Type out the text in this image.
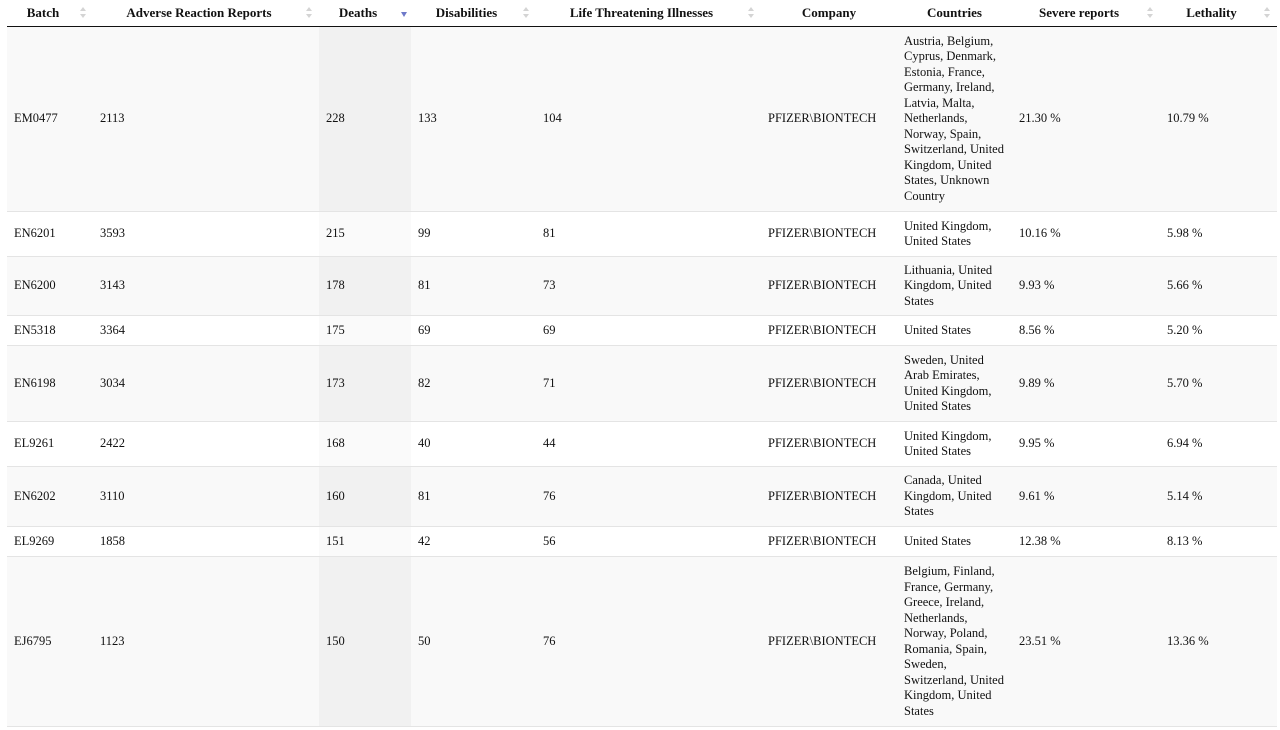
Batch	Adverse Reaction Reports	Deaths	Disabilities	Life Threatening Illnesses	Company	Countries	Severe reports	Lethality

EM0477	2113	228	133	104	PFIZER\BIONTECH	Austria, Belgium, Cyprus, Denmark, Estonia, France, Germany, Ireland, Latvia, Malta, Netherlands, Norway, Spain, Switzerland, United Kingdom, United States, Unknown Country	21.30 %	10.79 %
EN6201	3593	215	99	81	PFIZER\BIONTECH	United Kingdom, United States	10.16 %	5.98 %
EN6200	3143	178	81	73	PFIZER\BIONTECH	Lithuania, United Kingdom, United States	9.93 %	5.66 %
EN5318	3364	175	69	69	PFIZER\BIONTECH	United States	8.56 %	5.20 %
EN6198	3034	173	82	71	PFIZER\BIONTECH	Sweden, United Arab Emirates, United Kingdom, United States	9.89 %	5.70 %
EL9261	2422	168	40	44	PFIZER\BIONTECH	United Kingdom, United States	9.95 %	6.94 %
EN6202	3110	160	81	76	PFIZER\BIONTECH	Canada, United Kingdom, United States	9.61 %	5.14 %
EL9269	1858	151	42	56	PFIZER\BIONTECH	United States	12.38 %	8.13 %
EJ6795	1123	150	50	76	PFIZER\BIONTECH	Belgium, Finland, France, Germany, Greece, Ireland, Netherlands, Norway, Poland, Romania, Spain, Sweden, Switzerland, United Kingdom, United States	23.51 %	13.36 %
